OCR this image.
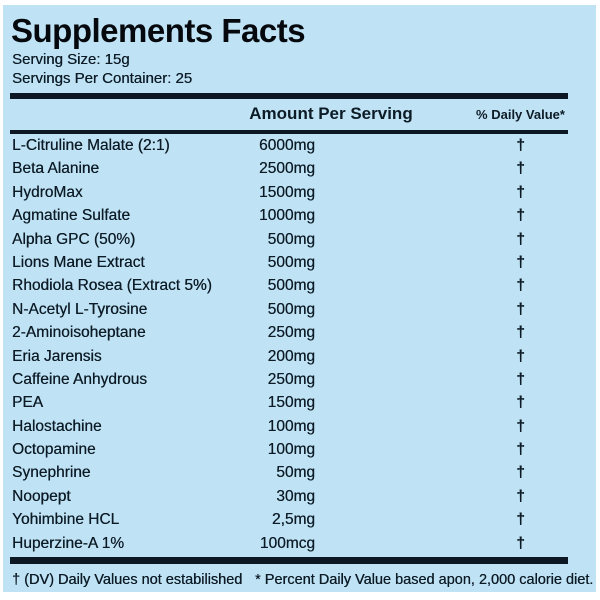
Supplements Facts
Serving Size: 15g
Servings Per Container: 25
Amount Per Serving	% Daily Value*
L-Citruline Malate (2:1)	6000mg	†
Beta Alanine	2500mg	†
HydroMax	1500mg	†
Agmatine Sulfate	1000mg	†
Alpha GPC (50%)	500mg	†
Lions Mane Extract	500mg	†
Rhodiola Rosea (Extract 5%)	500mg	†
N-Acetyl L-Tyrosine	500mg	†
2-Aminoisoheptane	250mg	†
Eria Jarensis	200mg	†
Caffeine Anhydrous	250mg	†
PEA	150mg	†
Halostachine	100mg	†
Octopamine	100mg	†
Synephrine	50mg	†
Noopept	30mg	†
Yohimbine HCL	2,5mg	†
Huperzine-A 1%	100mcg	†
† (DV) Daily Values not estabilished * Percent Daily Value based apon, 2,000 calorie diet.
